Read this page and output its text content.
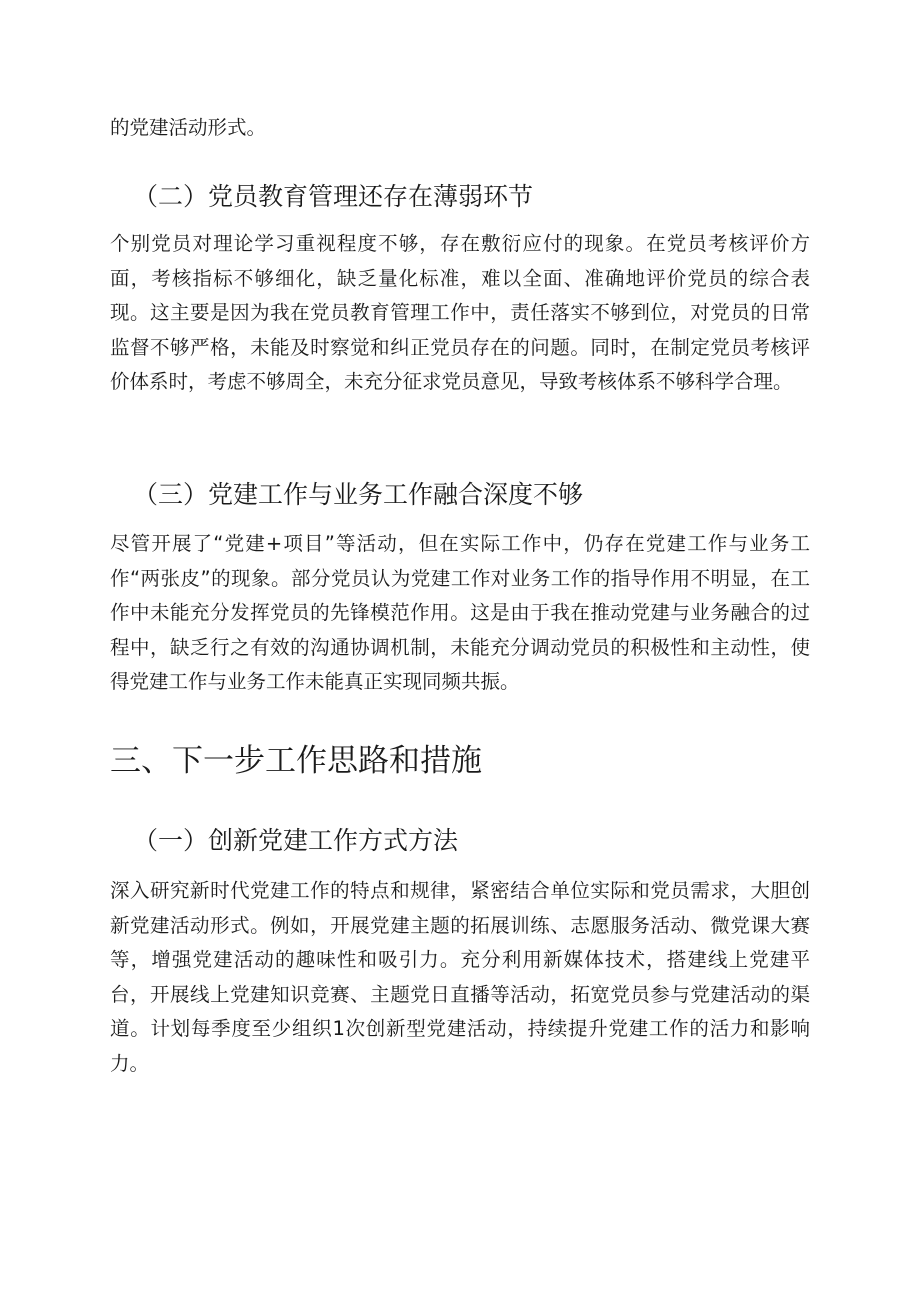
的党建活动形式。

（二）党员教育管理还存在薄弱环节

个别党员对理论学习重视程度不够，存在敷衍应付的现象。在党员考核评价方面，考核指标不够细化，缺乏量化标准，难以全面、准确地评价党员的综合表现。这主要是因为我在党员教育管理工作中，责任落实不够到位，对党员的日常监督不够严格，未能及时察觉和纠正党员存在的问题。同时，在制定党员考核评价体系时，考虑不够周全，未充分征求党员意见，导致考核体系不够科学合理。

（三）党建工作与业务工作融合深度不够

尽管开展了“党建+项目”等活动，但在实际工作中，仍存在党建工作与业务工作“两张皮”的现象。部分党员认为党建工作对业务工作的指导作用不明显，在工作中未能充分发挥党员的先锋模范作用。这是由于我在推动党建与业务融合的过程中，缺乏行之有效的沟通协调机制，未能充分调动党员的积极性和主动性，使得党建工作与业务工作未能真正实现同频共振。

三、下一步工作思路和措施
（一）创新党建工作方式方法

深入研究新时代党建工作的特点和规律，紧密结合单位实际和党员需求，大胆创新党建活动形式。例如，开展党建主题的拓展训练、志愿服务活动、微党课大赛等，增强党建活动的趣味性和吸引力。充分利用新媒体技术，搭建线上党建平台，开展线上党建知识竞赛、主题党日直播等活动，拓宽党员参与党建活动的渠道。计划每季度至少组织1次创新型党建活动，持续提升党建工作的活力和影响力。
